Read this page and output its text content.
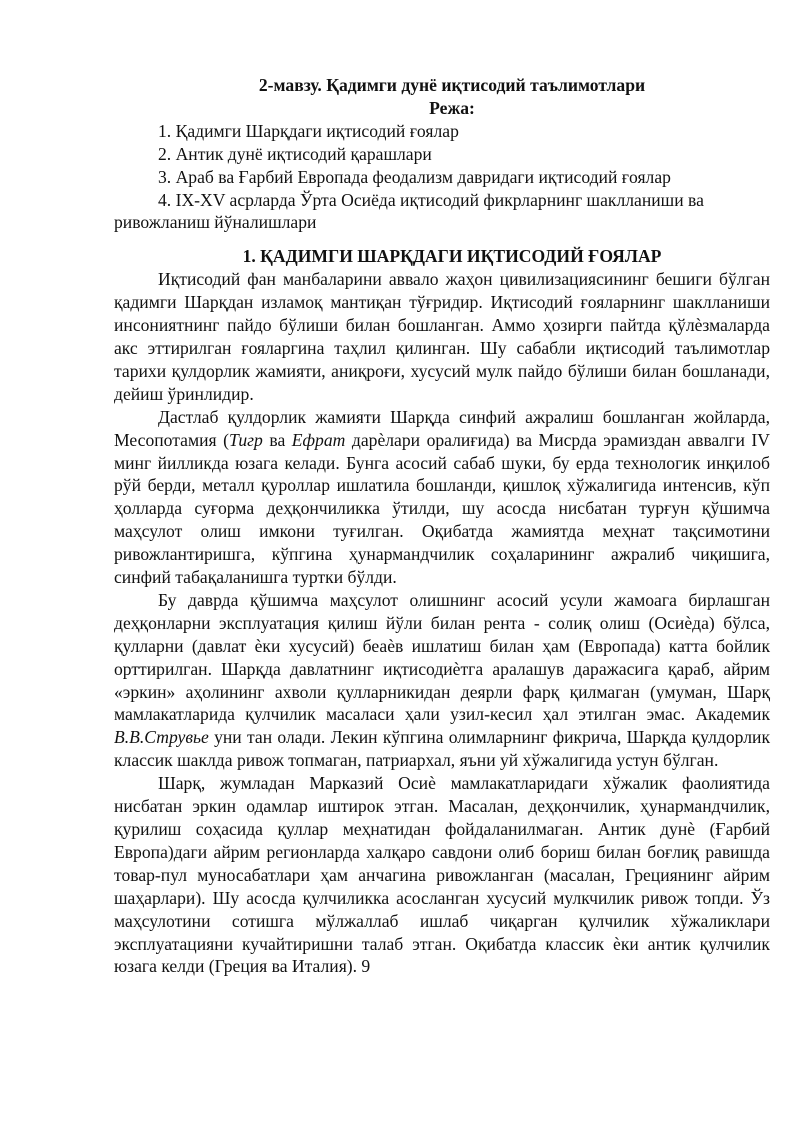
2-мавзу. Қадимги дунё иқтисодий таълимотлари

Режа:

1. Қадимги Шарқдаги иқтисодий ғоялар
2. Антик дунё иқтисодий қарашлари
3. Араб ва Ғарбий Европада феодализм давридаги иқтисодий ғоялар
4. IX-XV асрларда Ўрта Осиёда иқтисодий фикрларнинг шаклланиши ва ривожланиш йўналишлари

1. ҚАДИМГИ ШАРҚДАГИ ИҚТИСОДИЙ ҒОЯЛАР

Иқтисодий фан манбаларини аввало жаҳон цивилизациясининг бешиги бўлган қадимги Шарқдан изламоқ мантиқан тўғридир. Иқтисодий ғояларнинг шаклланиши инсониятнинг пайдо бўлиши билан бошланган. Аммо ҳозирги пайтда қўлѐзмаларда акс эттирилган ғояларгина таҳлил қилинган. Шу сабабли иқтисодий таълимотлар тарихи қулдорлик жамияти, аниқроғи, хусусий мулк пайдо бўлиши билан бошланади, дейиш ўринлидир.

Дастлаб қулдорлик жамияти Шарқда синфий ажралиш бошланган жойларда, Месопотамия (Тигр ва Ефрат дарѐлари оралиғида) ва Мисрда эрамиздан аввалги IV минг йилликда юзага келади. Бунга асосий сабаб шуки, бу ерда технологик инқилоб рўй берди, металл қуроллар ишлатила бошланди, қишлоқ хўжалигида интенсив, кўп ҳолларда суғорма деҳқончиликка ўтилди, шу асосда нисбатан турғун қўшимча маҳсулот олиш имкони туғилган. Оқибатда жамиятда меҳнат тақсимотини ривожлантиришга, кўпгина ҳунармандчилик соҳаларининг ажралиб чиқишига, синфий табақаланишга туртки бўлди.

Бу даврда қўшимча маҳсулот олишнинг асосий усули жамоага бирлашган деҳқонларни эксплуатация қилиш йўли билан рента - солиқ олиш (Осиѐда) бўлса, қулларни (давлат ѐки хусусий) беаѐв ишлатиш билан ҳам (Европада) катта бойлик орттирилган. Шарқда давлатнинг иқтисодиѐтга аралашув даражасига қараб, айрим «эркин» аҳолининг ахволи қулларникидан деярли фарқ қилмаган (умуман, Шарқ мамлакатларида қулчилик масаласи ҳали узил-кесил ҳал этилган эмас. Академик В.В.Струвье уни тан олади. Лекин кўпгина олимларнинг фикрича, Шарқда қулдорлик классик шаклда ривож топмаган, патриархал, яъни уй хўжалигида устун бўлган.

Шарқ, жумладан Марказий Осиѐ мамлакатларидаги хўжалик фаолиятида нисбатан эркин одамлар иштирок этган. Масалан, деҳқончилик, ҳунармандчилик, қурилиш соҳасида қуллар меҳнатидан фойдаланилмаган. Антик дунѐ (Ғарбий Европа)даги айрим регионларда халқаро савдони олиб бориш билан боғлиқ равишда товар-пул муносабатлари ҳам анчагина ривожланган (масалан, Грециянинг айрим шаҳарлари). Шу асосда қулчиликка асосланган хусусий мулкчилик ривож топди. Ўз маҳсулотини сотишга мўлжаллаб ишлаб чиқарган қулчилик хўжаликлари эксплуатацияни кучайтиришни талаб этган. Оқибатда классик ѐки антик қулчилик юзага келди (Греция ва Италия). 9
